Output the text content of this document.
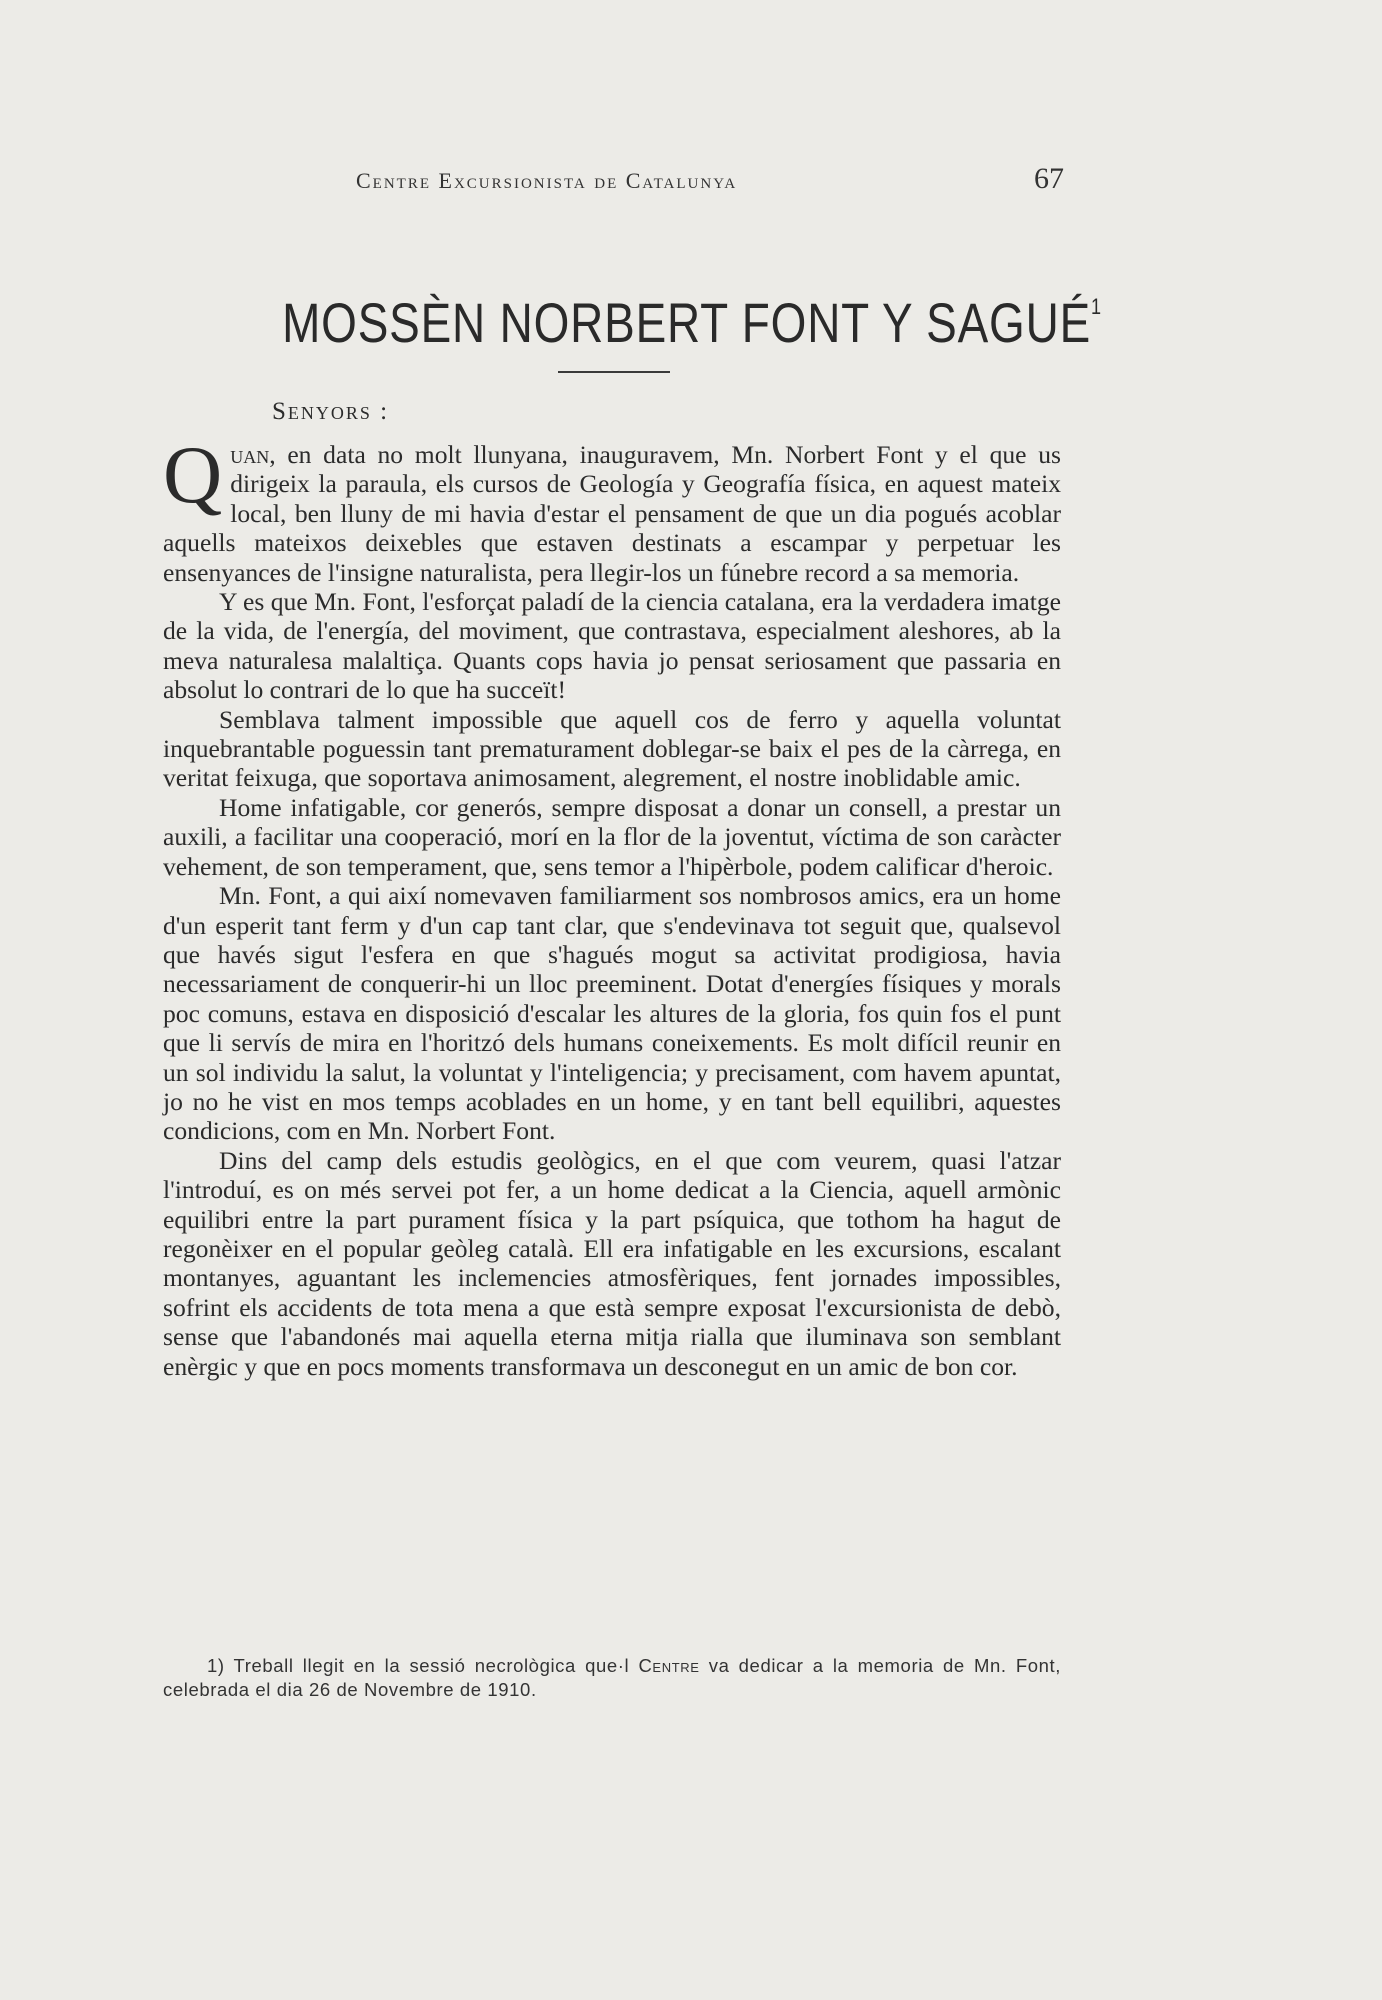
Centre Excursionista de Catalunya	67
MOSSÈN NORBERT FONT Y SAGUÉ$^1$
Senyors :

Quan, en data no molt llunyana, inauguravem, Mn. Norbert Font y el que us dirigeix la paraula, els cursos de Geología y Geografía física, en aquest mateix local, ben lluny de mi havia d'estar el pensament de que un dia pogués acoblar aquells mateixos deixebles que estaven destinats a escampar y perpetuar les ensenyances de l'insigne naturalista, pera llegir-los un fúnebre record a sa memoria.

Y es que Mn. Font, l'esforçat paladí de la ciencia catalana, era la verdadera imatge de la vida, de l'energía, del moviment, que contrastava, especialment aleshores, ab la meva naturalesa malaltiça. Quants cops havia jo pensat seriosament que passaria en absolut lo contrari de lo que ha succeït!

Semblava talment impossible que aquell cos de ferro y aquella voluntat inquebrantable poguessin tant prematurament doblegar-se baix el pes de la càrrega, en veritat feixuga, que soportava animosament, alegrement, el nostre inoblidable amic.

Home infatigable, cor generós, sempre disposat a donar un consell, a prestar un auxili, a facilitar una cooperació, morí en la flor de la joventut, víctima de son caràcter vehement, de son temperament, que, sens temor a l'hipèrbole, podem calificar d'heroic.

Mn. Font, a qui així nomevaven familiarment sos nombrosos amics, era un home d'un esperit tant ferm y d'un cap tant clar, que s'endevinava tot seguit que, qualsevol que havés sigut l'esfera en que s'hagués mogut sa activitat prodigiosa, havia necessariament de conquerir-hi un lloc preeminent. Dotat d'energíes físiques y morals poc comuns, estava en disposició d'escalar les altures de la gloria, fos quin fos el punt que li servís de mira en l'horitzó dels humans coneixements. Es molt difícil reunir en un sol individu la salut, la voluntat y l'inteligencia; y precisament, com havem apuntat, jo no he vist en mos temps acoblades en un home, y en tant bell equilibri, aquestes condicions, com en Mn. Norbert Font.

Dins del camp dels estudis geològics, en el que com veurem, quasi l'atzar l'introduí, es on més servei pot fer, a un home dedicat a la Ciencia, aquell armònic equilibri entre la part purament física y la part psíquica, que tothom ha hagut de regonèixer en el popular geòleg català. Ell era infatigable en les excursions, escalant montanyes, aguantant les inclemencies atmosfèriques, fent jornades impossibles, sofrint els accidents de tota mena a que està sempre exposat l'excursionista de debò, sense que l'abandonés mai aquella eterna mitja rialla que iluminava son semblant enèrgic y que en pocs moments transformava un desconegut en un amic de bon cor.

1) Treball llegit en la sessió necrològica que·l Centre va dedicar a la memoria de Mn. Font, celebrada el dia 26 de Novembre de 1910.
